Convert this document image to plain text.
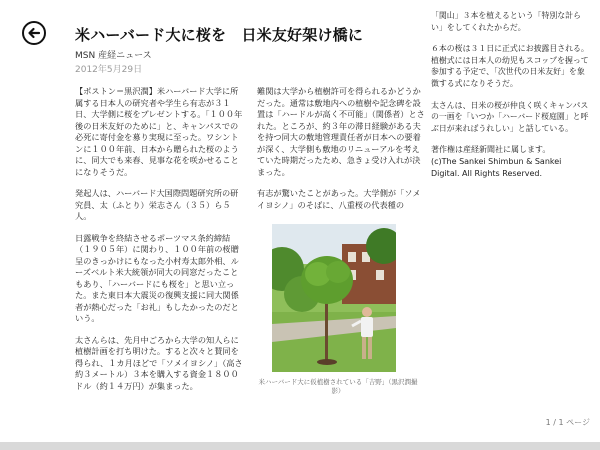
米ハーバード大に桜を　日米友好架け橋に
MSN 産経ニュース
2012年5月29日

【ポストン＝黒沢潤】米ハーバード大学に所属する日本人の研究者や学生ら有志が３１日、大学側に桜をプレゼントする。「１００年後の日米友好のために」と、キャンパスでの必死に寄付金を募り実現に至った。ワシントンに１００年前、日本から贈られた桜のように、同大でも来春、見事な花を咲かせることになりそうだ。

発起人は、ハーバード大国際問題研究所の研究員、太（ふとり）栄志さん（３５）ら５人。

日露戦争を終結させるポーツマス条約締結（１９０５年）に関わり、１００年前の桜贈呈のきっかけにもなった小村寿太郎外相、ルーズベルト米大統領が同大の同窓だったこともあり、「ハーバードにも桜を」と思い立った。また東日本大震災の復興支援に同大関係者が熱心だった「お礼」もしたかったのだという。

太さんらは、先月中ごろから大学の知人らに植樹計画を打ち明けた。すると次々と賛同を得られ、１カ月ほどで「ソメイヨシノ」（高さ約３メートル）３本を購入する資金１８００ドル（約１４万円）が集まった。

難関は大学から植樹許可を得られるかどうかだった。通常は敷地内への植樹や記念碑を設置は「ハードルが高く不可能」（関係者）とされた。ところが、約３年の滞日経験がある夫を持つ同大の敷地管理責任者が日本への要着が深く、大学側も敷地のリニューアルを考えていた時期だったため、急きょ受け入れが決まった。

有志が驚いたことがあった。大学側が「ソメイヨシノ」のそばに、八重桜の代表種の

米ハーバード大に仮植樹されている「吉野」（黒沢潤撮影）

「関山」３本を植えるという「特別な計らい」をしてくれたからだ。

６本の桜は３１日に正式にお披露目される。植樹式には日本人の幼児もスコップを握って参加する予定で、「次世代の日米友好」を象徴する式になりそうだ。

太さんは、日米の桜が仲良く咲くキャンパスの一画を「いつか「ハーバード桜庭園」と呼ぶ日が来ればうれしい」と話している。

著作権は産経新聞社に属します。

(c)The Sankei Shimbun & Sankei Digital. All Rights Reserved.

1 / 1 ページ
